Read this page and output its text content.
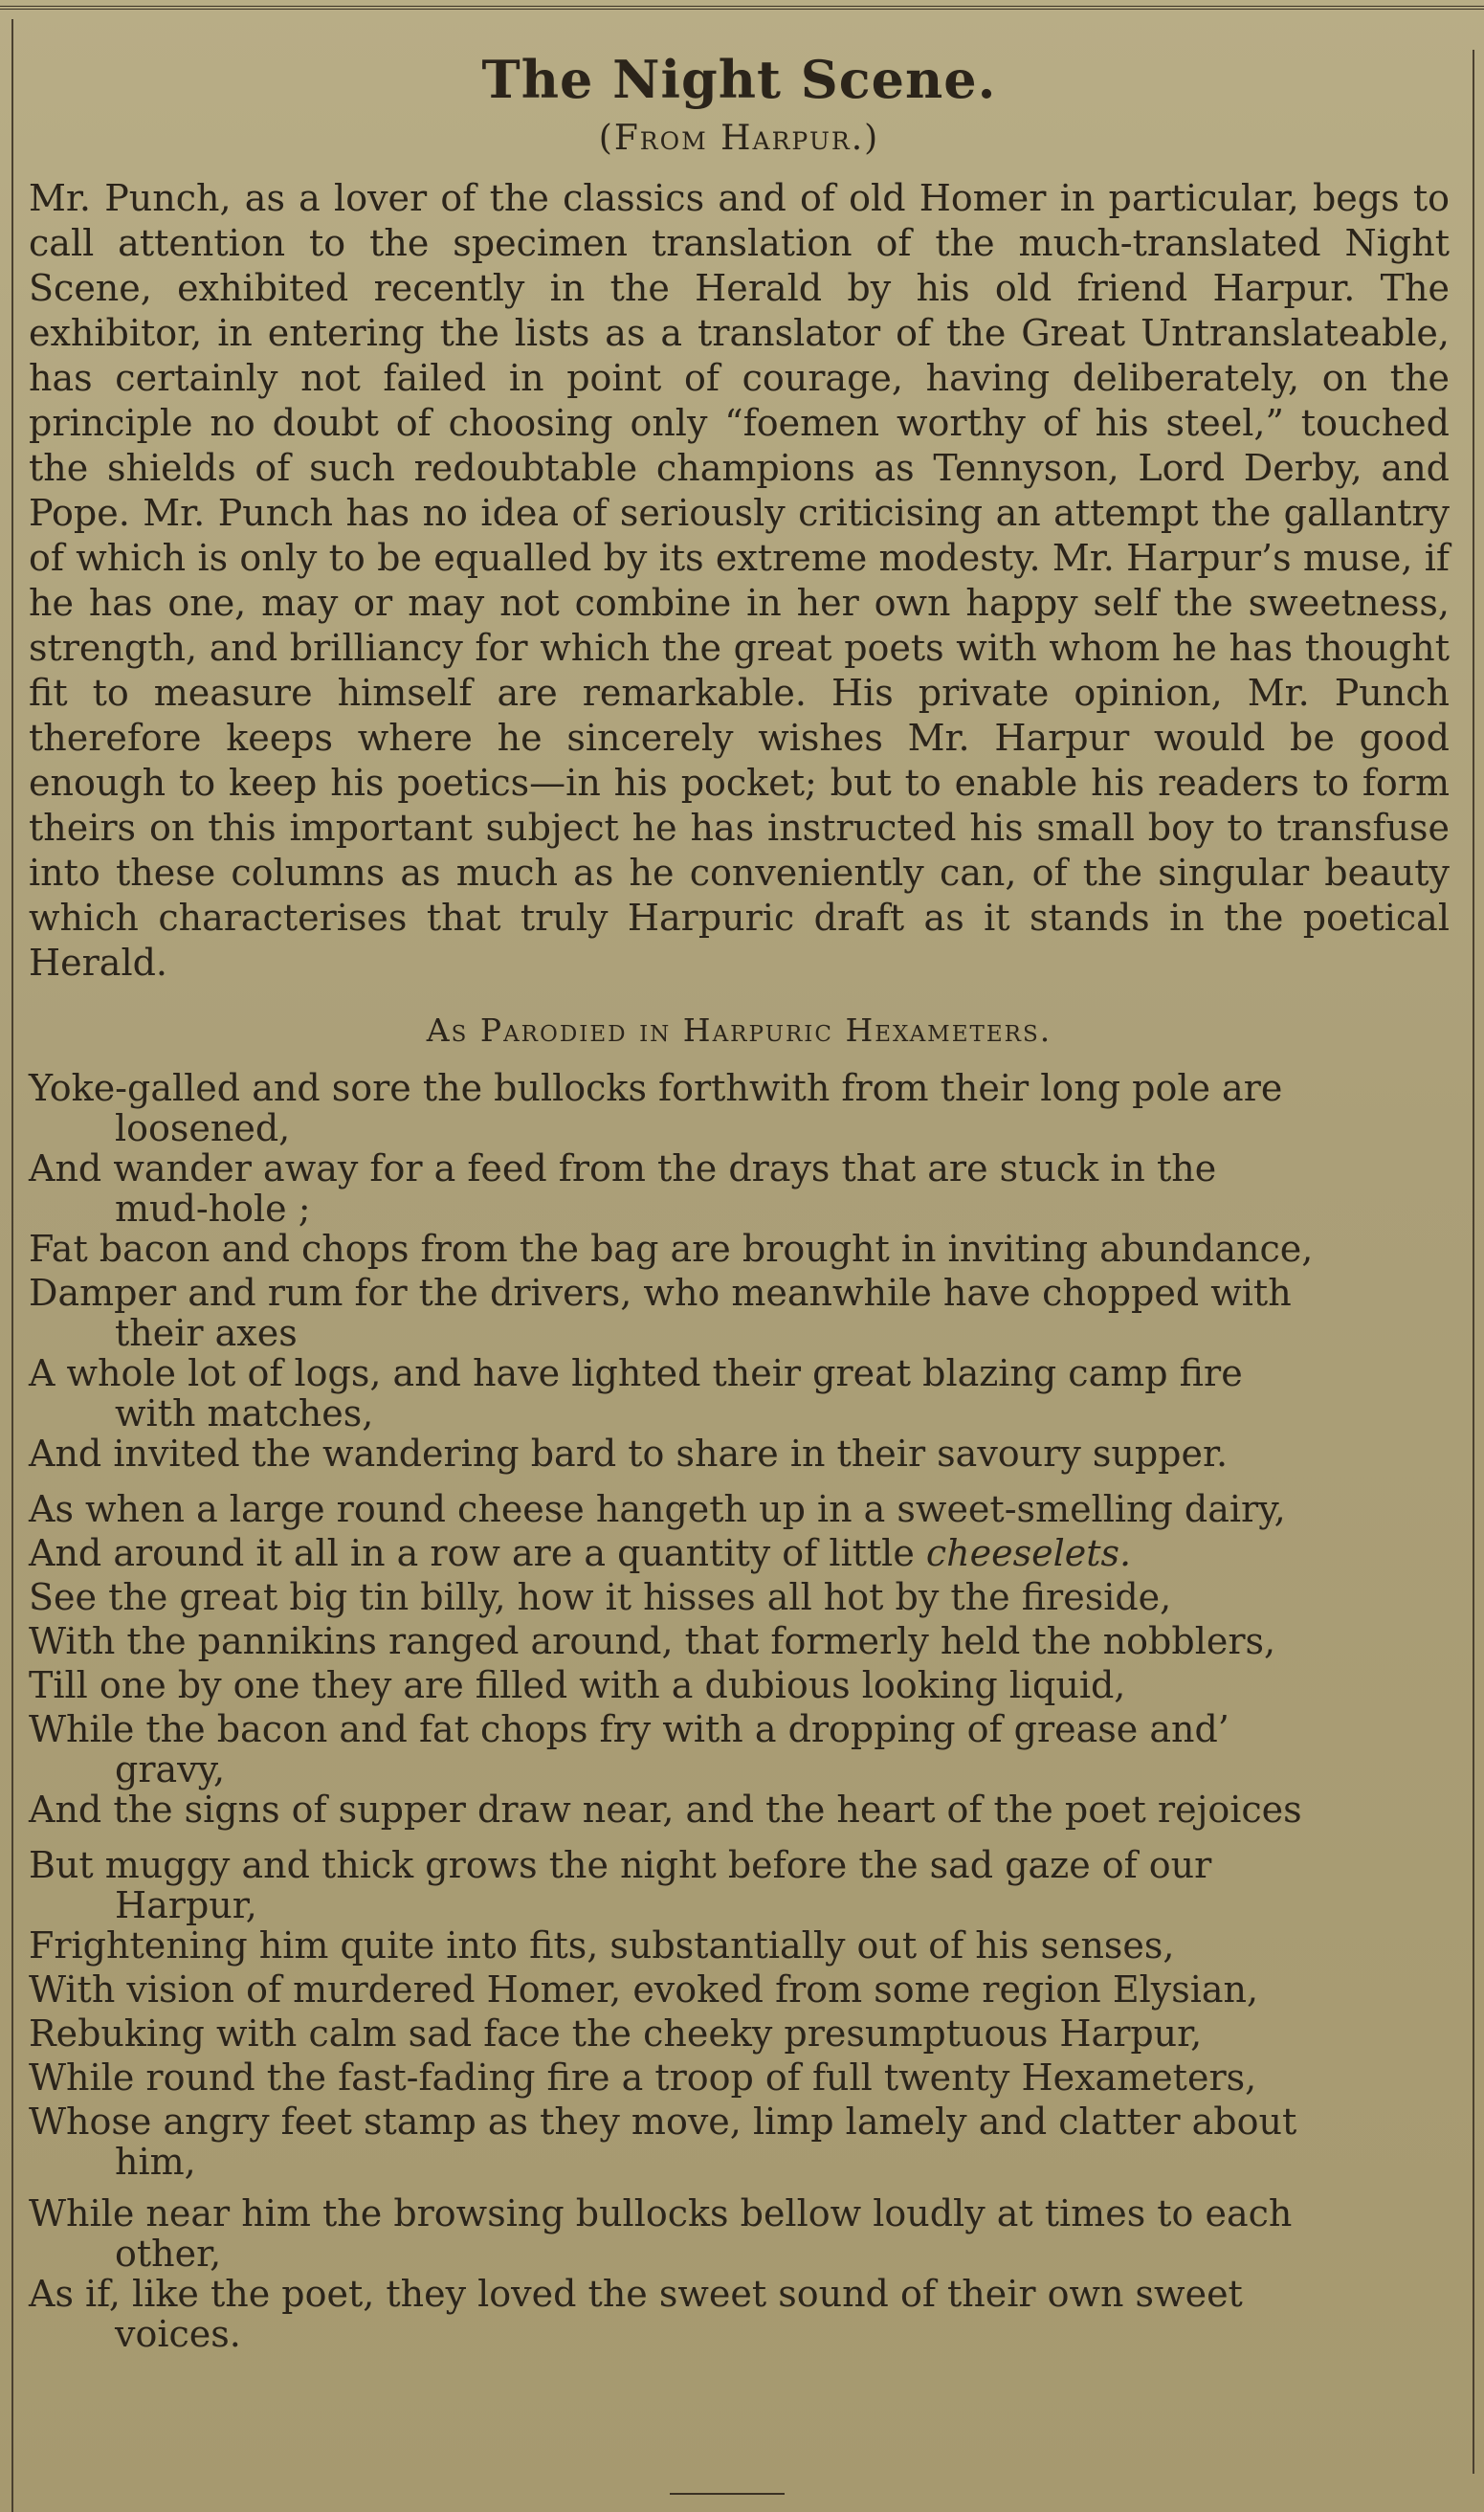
The Night Scene.
(From Harpur.)

Mr. Punch, as a lover of the classics and of old Homer in particular, begs to call attention to the specimen translation of the much-translated Night Scene, exhibited recently in the Herald by his old friend Harpur. The exhibitor, in entering the lists as a translator of the Great Untranslateable, has certainly not failed in point of courage, having deliberately, on the principle no doubt of choosing only “foemen worthy of his steel,” touched the shields of such redoubtable champions as Tennyson, Lord Derby, and Pope. Mr. Punch has no idea of seriously criticising an attempt the gallantry of which is only to be equalled by its extreme modesty. Mr. Harpur’s muse, if he has one, may or may not combine in her own happy self the sweetness, strength, and brilliancy for which the great poets with whom he has thought fit to measure himself are remarkable. His private opinion, Mr. Punch therefore keeps where he sincerely wishes Mr. Harpur would be good enough to keep his poetics—in his pocket; but to enable his readers to form theirs on this important subject he has instructed his small boy to transfuse into these columns as much as he conveniently can, of the singular beauty which characterises that truly Harpuric draft as it stands in the poetical Herald.

As Parodied in Harpuric Hexameters.
Yoke-galled and sore the bullocks forthwith from their long pole are
loosened,
And wander away for a feed from the drays that are stuck in the
mud-hole ;
Fat bacon and chops from the bag are brought in inviting abundance,
Damper and rum for the drivers, who meanwhile have chopped with
their axes
A whole lot of logs, and have lighted their great blazing camp fire
with matches,
And invited the wandering bard to share in their savoury supper.
As when a large round cheese hangeth up in a sweet-smelling dairy,
And around it all in a row are a quantity of little cheeselets.
See the great big tin billy, how it hisses all hot by the fireside,
With the pannikins ranged around, that formerly held the nobblers,
Till one by one they are filled with a dubious looking liquid,
While the bacon and fat chops fry with a dropping of grease and’
gravy,
And the signs of supper draw near, and the heart of the poet rejoices
But muggy and thick grows the night before the sad gaze of our
Harpur,
Frightening him quite into fits, substantially out of his senses,
With vision of murdered Homer, evoked from some region Elysian,
Rebuking with calm sad face the cheeky presumptuous Harpur,
While round the fast-fading fire a troop of full twenty Hexameters,
Whose angry feet stamp as they move, limp lamely and clatter about
him,
While near him the browsing bullocks bellow loudly at times to each
other,
As if, like the poet, they loved the sweet sound of their own sweet
voices.
